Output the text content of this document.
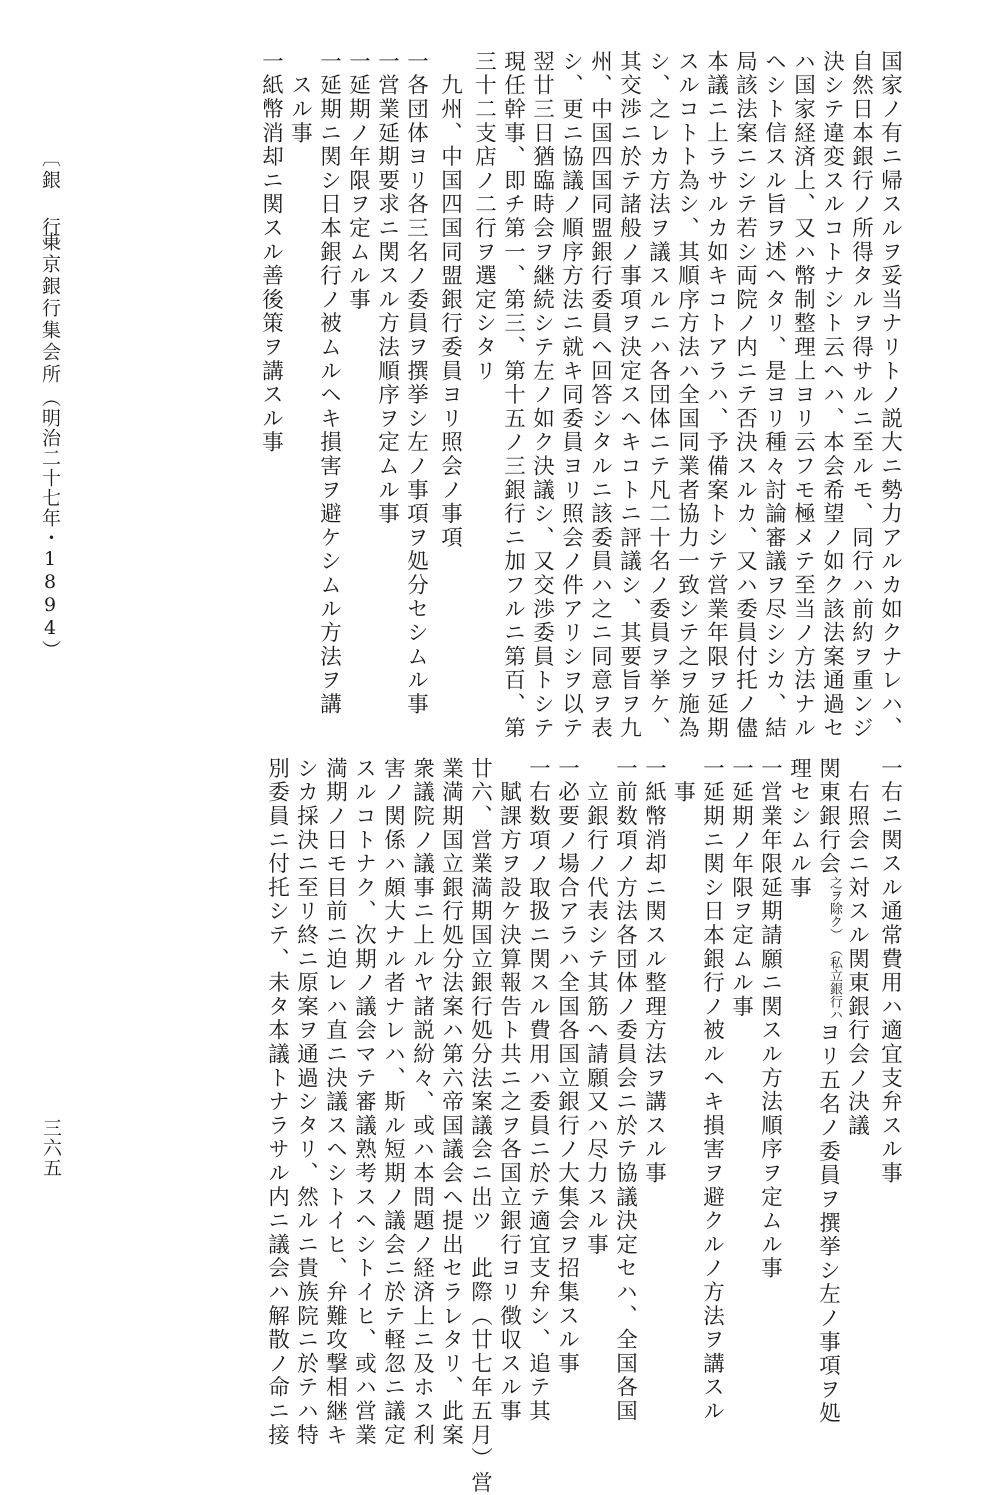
国家ノ有ニ帰スルヲ妥当ナリトノ説大ニ勢力アルカ如クナレハ、
自然日本銀行ノ所得タルヲ得サルニ至ルモ、同行ハ前約ヲ重ンジ
決シテ違変スルコトナシト云ヘハ、本会希望ノ如ク該法案通過セ
ハ国家経済上、又ハ幣制整理上ヨリ云フモ極メテ至当ノ方法ナル
ヘシト信スル旨ヲ述ヘタリ、是ヨリ種々討論審議ヲ尽シシカ、結
局該法案ニシテ若シ両院ノ内ニテ否決スルカ、又ハ委員付托ノ儘
本議ニ上ラサルカ如キコトアラハ、予備案トシテ営業年限ヲ延期
スルコトト為シ、其順序方法ハ全国同業者協力一致シテ之ヲ施為
シ、之レカ方法ヲ議スルニハ各団体ニテ凡二十名ノ委員ヲ挙ケ、
其交渉ニ於テ諸般ノ事項ヲ決定スヘキコトニ評議シ、其要旨ヲ九
州、中国四国同盟銀行委員ヘ回答シタルニ該委員ハ之ニ同意ヲ表
シ、更ニ協議ノ順序方法ニ就キ同委員ヨリ照会ノ件アリシヲ以テ
翌廿三日猶臨時会ヲ継続シテ左ノ如ク決議シ、又交渉委員トシテ
現任幹事、即チ第一、第三、第十五ノ三銀行ニ加フルニ第百、第
三十二支店ノ二行ヲ選定シタリ
　九州、中国四国同盟銀行委員ヨリ照会ノ事項
一各団体ヨリ各三名ノ委員ヲ撰挙シ左ノ事項ヲ処分セシムル事
一営業延期要求ニ関スル方法順序ヲ定ムル事
一延期ノ年限ヲ定ムル事
一延期ニ関シ日本銀行ノ被ムルヘキ損害ヲ避ケシムル方法ヲ講
　スル事
一紙幣消却ニ関スル善後策ヲ講スル事
一右ニ関スル通常費用ハ適宜支弁スル事
　右照会ニ対スル関東銀行会ノ決議
関東銀行会
（私立銀行ハ
之ヲ除ク）
ヨリ五名ノ委員ヲ撰挙シ左ノ事項ヲ処
理セシムル事
一営業年限延期請願ニ関スル方法順序ヲ定ムル事
一延期ノ年限ヲ定ムル事
一延期ニ関シ日本銀行ノ被ルヘキ損害ヲ避クルノ方法ヲ講スル
　事
一紙幣消却ニ関スル整理方法ヲ講スル事
一前数項ノ方法各団体ノ委員会ニ於テ協議決定セハ、全国各国
　立銀行ノ代表シテ其筋ヘ請願又ハ尽力スル事
一必要ノ場合アラハ全国各国立銀行ノ大集会ヲ招集スル事
一右数項ノ取扱ニ関スル費用ハ委員ニ於テ適宜支弁シ、追テ其
　賦課方ヲ設ケ決算報告ト共ニ之ヲ各国立銀行ヨリ徴収スル事
廿六、営業満期国立銀行処分法案議会ニ出ツ　此際（廿七年五月）営
業満期国立銀行処分法案ハ第六帝国議会ヘ提出セラレタリ、此案
衆議院ノ議事ニ上ルヤ諸説紛々、或ハ本問題ノ経済上ニ及ホス利
害ノ関係ハ頗大ナル者ナレハ、斯ル短期ノ議会ニ於テ軽忽ニ議定
スルコトナク、次期ノ議会マテ審議熟考スヘシトイヒ、或ハ営業
満期ノ日モ目前ニ迫レハ直ニ決議スヘシトイヒ、弁難攻撃相継キ
シカ採決ニ至リ終ニ原案ヲ通過シタリ、然ルニ貴族院ニ於テハ特
別委員ニ付托シテ、未タ本議トナラサル内ニ議会ハ解散ノ命ニ接
〔銀 行〕
東京銀行集会所
（明治二十七年・1894）
三六五
